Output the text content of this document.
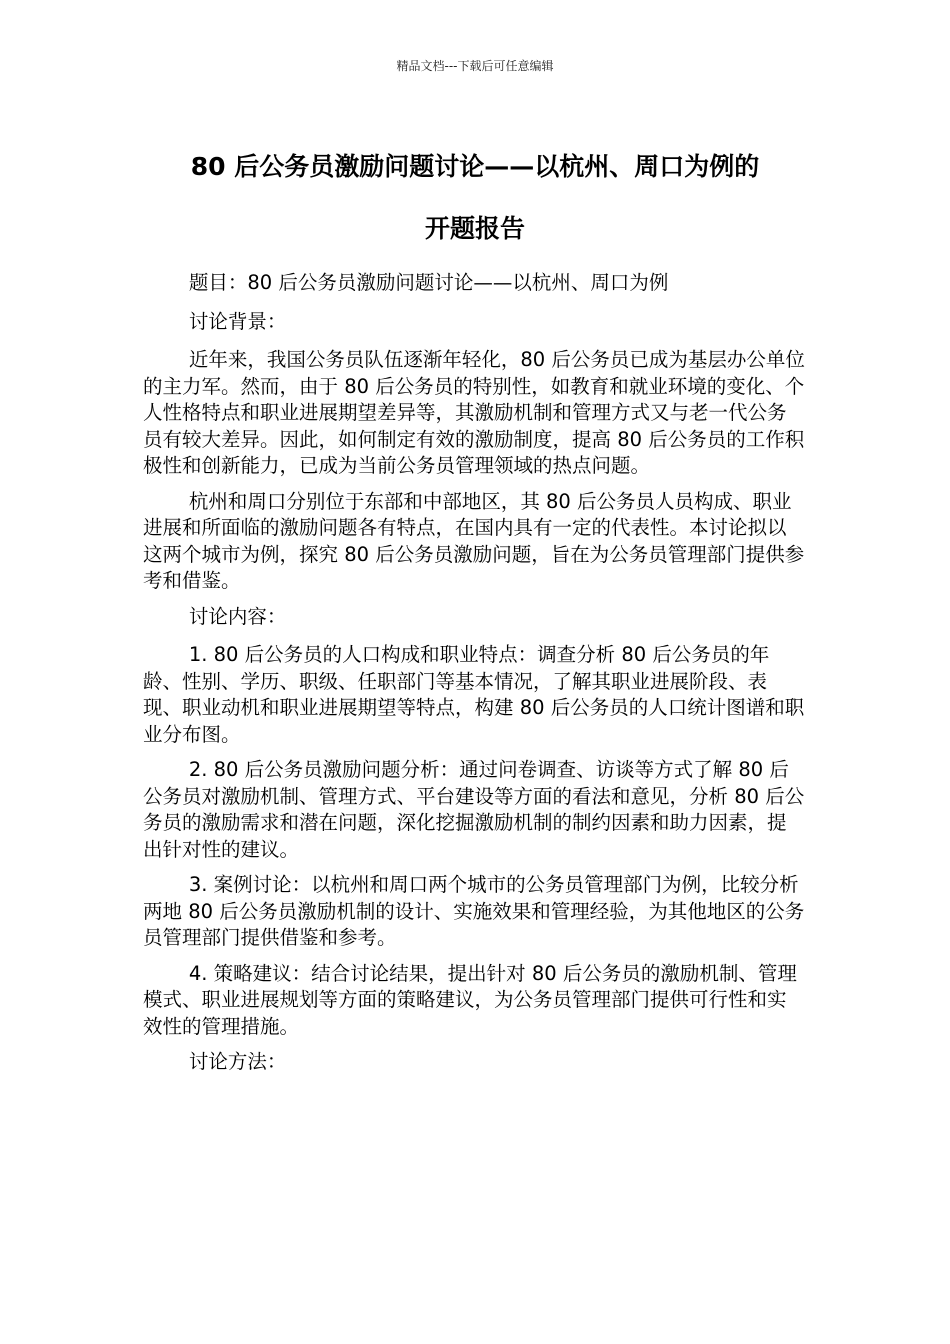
精品文档---下载后可任意编辑
80 后公务员激励问题讨论——以杭州、周口为例的
开题报告

题目：80 后公务员激励问题讨论——以杭州、周口为例

讨论背景：

近年来，我国公务员队伍逐渐年轻化，80 后公务员已成为基层办公单位的主力军。然而，由于 80 后公务员的特别性，如教育和就业环境的变化、个人性格特点和职业进展期望差异等，其激励机制和管理方式又与老一代公务员有较大差异。因此，如何制定有效的激励制度，提高 80 后公务员的工作积极性和创新能力，已成为当前公务员管理领域的热点问题。

杭州和周口分别位于东部和中部地区，其 80 后公务员人员构成、职业进展和所面临的激励问题各有特点，在国内具有一定的代表性。本讨论拟以这两个城市为例，探究 80 后公务员激励问题，旨在为公务员管理部门提供参考和借鉴。

讨论内容：

1. 80 后公务员的人口构成和职业特点：调查分析 80 后公务员的年龄、性别、学历、职级、任职部门等基本情况，了解其职业进展阶段、表现、职业动机和职业进展期望等特点，构建 80 后公务员的人口统计图谱和职业分布图。

2. 80 后公务员激励问题分析：通过问卷调查、访谈等方式了解 80 后公务员对激励机制、管理方式、平台建设等方面的看法和意见，分析 80 后公务员的激励需求和潜在问题，深化挖掘激励机制的制约因素和助力因素，提出针对性的建议。

3. 案例讨论：以杭州和周口两个城市的公务员管理部门为例，比较分析两地 80 后公务员激励机制的设计、实施效果和管理经验，为其他地区的公务员管理部门提供借鉴和参考。

4. 策略建议：结合讨论结果，提出针对 80 后公务员的激励机制、管理模式、职业进展规划等方面的策略建议，为公务员管理部门提供可行性和实效性的管理措施。

讨论方法：
